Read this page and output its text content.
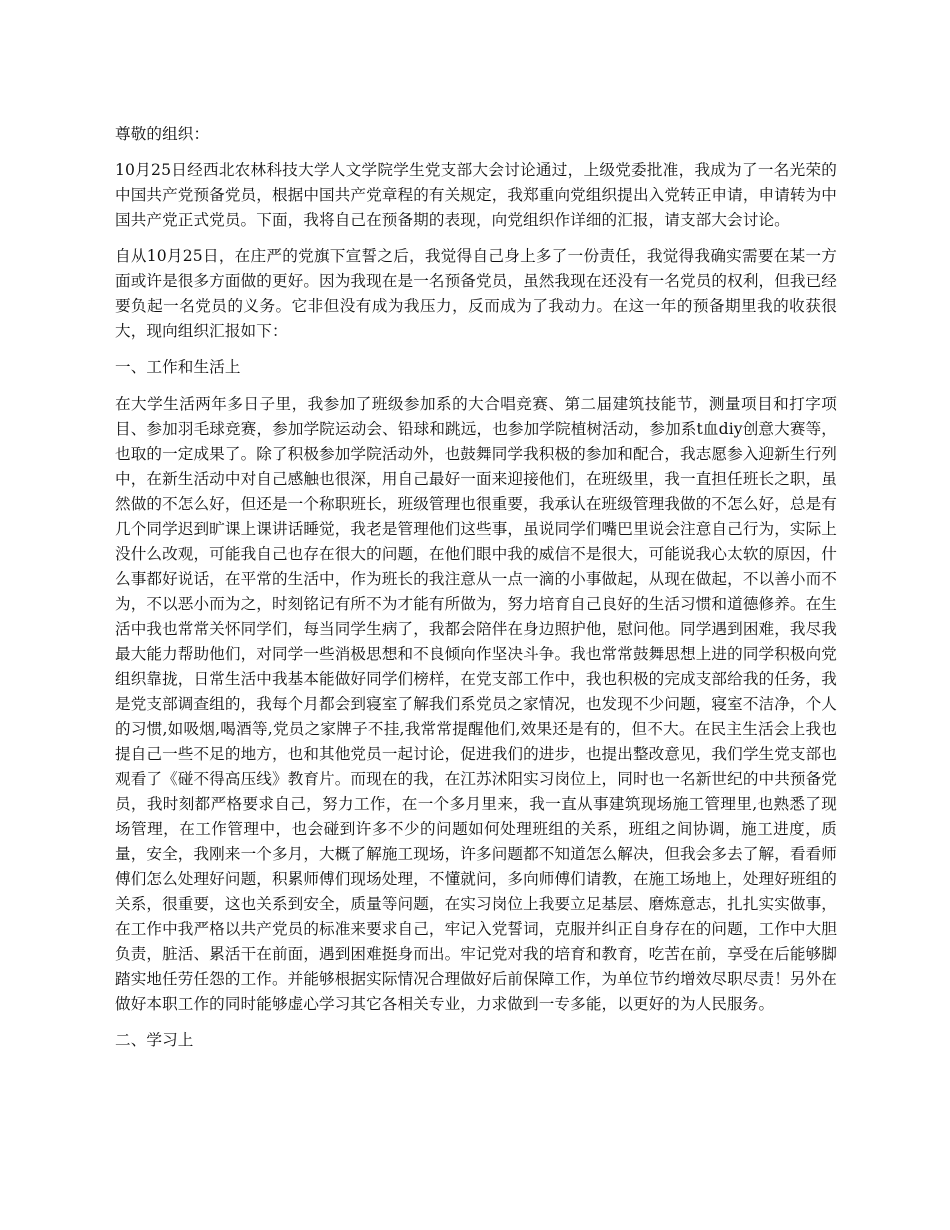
尊敬的组织：

10月25日经西北农林科技大学人文学院学生党支部大会讨论通过，上级党委批准，我成为了一名光荣的中国共产党预备党员，根据中国共产党章程的有关规定，我郑重向党组织提出入党转正申请，申请转为中国共产党正式党员。下面，我将自己在预备期的表现，向党组织作详细的汇报，请支部大会讨论。

自从10月25日，在庄严的党旗下宣誓之后，我觉得自己身上多了一份责任，我觉得我确实需要在某一方面或许是很多方面做的更好。因为我现在是一名预备党员，虽然我现在还没有一名党员的权利，但我已经要负起一名党员的义务。它非但没有成为我压力，反而成为了我动力。在这一年的预备期里我的收获很大，现向组织汇报如下：

一、工作和生活上

在大学生活两年多日子里，我参加了班级参加系的大合唱竞赛、第二届建筑技能节，测量项目和打字项目、参加羽毛球竞赛，参加学院运动会、铅球和跳远，也参加学院植树活动，参加系t血diy创意大赛等，也取的一定成果了。除了积极参加学院活动外，也鼓舞同学我积极的参加和配合，我志愿参入迎新生行列中，在新生活动中对自己感触也很深，用自己最好一面来迎接他们，在班级里，我一直担任班长之职，虽然做的不怎么好，但还是一个称职班长，班级管理也很重要，我承认在班级管理我做的不怎么好，总是有几个同学迟到旷课上课讲话睡觉，我老是管理他们这些事，虽说同学们嘴巴里说会注意自己行为，实际上没什么改观，可能我自己也存在很大的问题，在他们眼中我的威信不是很大，可能说我心太软的原因，什么事都好说话，在平常的生活中，作为班长的我注意从一点一滴的小事做起，从现在做起，不以善小而不为，不以恶小而为之，时刻铭记有所不为才能有所做为，努力培育自己良好的生活习惯和道德修养。在生活中我也常常关怀同学们，每当同学生病了，我都会陪伴在身边照护他，慰问他。同学遇到困难，我尽我最大能力帮助他们，对同学一些消极思想和不良倾向作坚决斗争。我也常常鼓舞思想上进的同学积极向党组织靠拢，日常生活中我基本能做好同学们榜样，在党支部工作中，我也积极的完成支部给我的任务，我是党支部调查组的，我每个月都会到寝室了解我们系党员之家情况，也发现不少问题，寝室不洁净，个人的习惯,如吸烟,喝酒等,党员之家牌子不挂,我常常提醒他们,效果还是有的，但不大。在民主生活会上我也提自己一些不足的地方，也和其他党员一起讨论，促进我们的进步，也提出整改意见，我们学生党支部也观看了《碰不得高压线》教育片。而现在的我，在江苏沭阳实习岗位上，同时也一名新世纪的中共预备党员，我时刻都严格要求自己，努力工作，在一个多月里来，我一直从事建筑现场施工管理里,也熟悉了现场管理，在工作管理中，也会碰到许多不少的问题如何处理班组的关系，班组之间协调，施工进度，质量，安全，我刚来一个多月，大概了解施工现场，许多问题都不知道怎么解决，但我会多去了解，看看师傅们怎么处理好问题，积累师傅们现场处理，不懂就问，多向师傅们请教，在施工场地上，处理好班组的关系，很重要，这也关系到安全，质量等问题，在实习岗位上我要立足基层、磨炼意志，扎扎实实做事，在工作中我严格以共产党员的标准来要求自己，牢记入党誓词，克服并纠正自身存在的问题，工作中大胆负责，脏活、累活干在前面，遇到困难挺身而出。牢记党对我的培育和教育，吃苦在前，享受在后能够脚踏实地任劳任怨的工作。并能够根据实际情况合理做好后前保障工作，为单位节约增效尽职尽责！另外在做好本职工作的同时能够虚心学习其它各相关专业，力求做到一专多能，以更好的为人民服务。

二、学习上
